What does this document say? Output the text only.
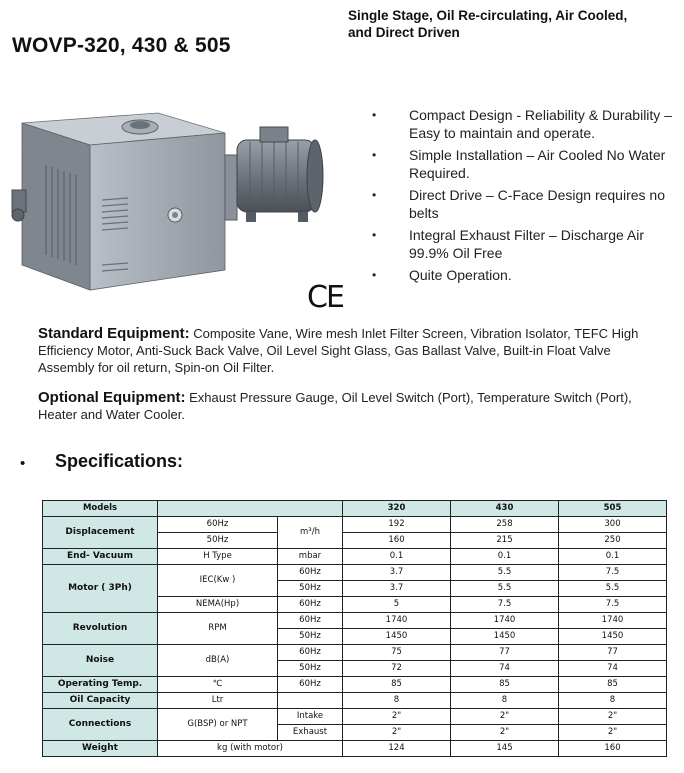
WOVP-320, 430 & 505
Single Stage, Oil Re-circulating, Air Cooled, and Direct Driven
• Compact Design - Reliability & Durability – Easy to maintain and operate.
• Simple Installation – Air Cooled No Water Required.
• Direct Drive – C-Face Design requires no belts
• Integral Exhaust Filter – Discharge Air 99.9% Oil Free
• Quite Operation.
CE
Standard Equipment: Composite Vane, Wire mesh Inlet Filter Screen, Vibration Isolator, TEFC High Efficiency Motor, Anti-Suck Back Valve, Oil Level Sight Glass, Gas Ballast Valve, Built-in Float Valve Assembly for oil return, Spin-on Oil Filter.
Optional Equipment: Exhaust Pressure Gauge, Oil Level Switch (Port), Temperature Switch (Port), Heater and Water Cooler.
• Specifications:
Models			320	430	505
Displacement	60Hz	m³/h	192	258	300
	50Hz		160	215	250
End- Vacuum	H Type	mbar	0.1	0.1	0.1
Motor ( 3Ph)	IEC(Kw )	60Hz	3.7	5.5	7.5
		50Hz	3.7	5.5	5.5
	NEMA(Hp)	60Hz	5	7.5	7.5
Revolution	RPM	60Hz	1740	1740	1740
		50Hz	1450	1450	1450
Noise	dB(A)	60Hz	75	77	77
		50Hz	72	74	74
Operating Temp.	℃	60Hz	85	85	85
Oil Capacity	Ltr		8	8	8
Connections	G(BSP) or NPT	Intake	2"	2"	2"
		Exhaust	2"	2"	2"
Weight	kg (with motor)		124	145	160
